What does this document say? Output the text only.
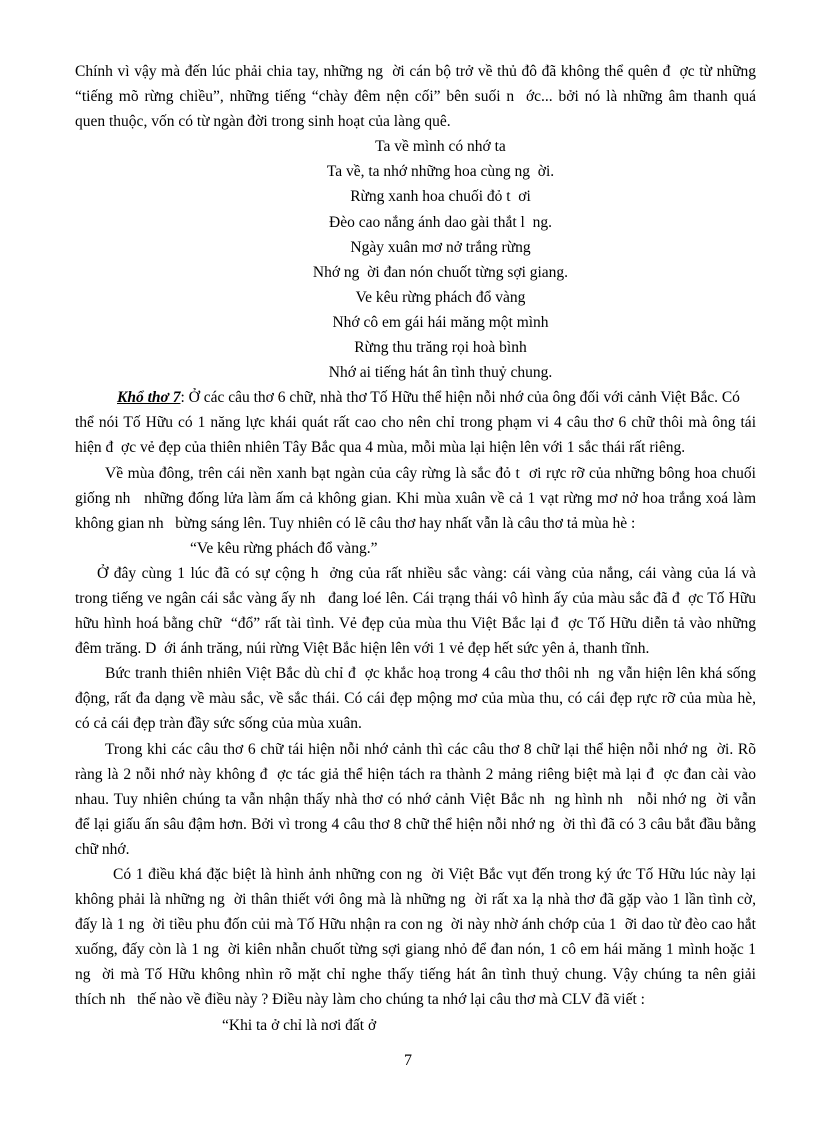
Chính vì vậy mà đến lúc phải chia tay, những ng  ời cán bộ trở về thủ đô đã không thể quên đ  ợc từ những
“tiếng mõ rừng chiều”, những tiếng “chày đêm nện cối” bên suối n  ớc... bởi nó là những âm thanh quá
quen thuộc, vốn có từ ngàn đời trong sinh hoạt của làng quê.
Ta về mình có nhớ ta
Ta về, ta nhớ những hoa cùng ng  ời.
Rừng xanh hoa chuối đỏ t  ơi
Đèo cao nắng ánh dao gài thắt l  ng.
Ngày xuân mơ nở trắng rừng
Nhớ ng  ời đan nón chuốt từng sợi giang.
Ve kêu rừng phách đổ vàng
Nhớ cô em gái hái măng một mình
Rừng thu trăng rọi hoà bình
Nhớ ai tiếng hát ân tình thuỷ chung.
Khổ thơ 7: Ở các câu thơ 6 chữ, nhà thơ Tố Hữu thể hiện nỗi nhớ của ông đối với cảnh Việt Bắc. Có
thể nói Tố Hữu có 1 năng lực khái quát rất cao cho nên chỉ trong phạm vi 4 câu thơ 6 chữ thôi mà ông tái
hiện đ  ợc vẻ đẹp của thiên nhiên Tây Bắc qua 4 mùa, mỗi mùa lại hiện lên với 1 sắc thái rất riêng.
Về mùa đông, trên cái nền xanh bạt ngàn của cây rừng là sắc đỏ t  ơi rực rỡ của những bông hoa chuối
giống nh   những đống lửa làm ấm cả không gian. Khi mùa xuân về cả 1 vạt rừng mơ nở hoa trắng xoá làm
không gian nh   bừng sáng lên. Tuy nhiên có lẽ câu thơ hay nhất vẫn là câu thơ tả mùa hè :
“Ve kêu rừng phách đổ vàng.”
Ở đây cùng 1 lúc đã có sự cộng h  ởng của rất nhiều sắc vàng: cái vàng của nắng, cái vàng của lá và
trong tiếng ve ngân cái sắc vàng ấy nh   đang loé lên. Cái trạng thái vô hình ấy của màu sắc đã đ  ợc Tố Hữu
hữu hình hoá bằng chữ  “đổ” rất tài tình. Vẻ đẹp của mùa thu Việt Bắc lại đ  ợc Tố Hữu diễn tả vào những
đêm trăng. D  ới ánh trăng, núi rừng Việt Bắc hiện lên với 1 vẻ đẹp hết sức yên ả, thanh tĩnh.
Bức tranh thiên nhiên Việt Bắc dù chỉ đ  ợc khắc hoạ trong 4 câu thơ thôi nh  ng vẫn hiện lên khá sống
động, rất đa dạng về màu sắc, về sắc thái. Có cái đẹp mộng mơ của mùa thu, có cái đẹp rực rỡ của mùa hè,
có cả cái đẹp tràn đầy sức sống của mùa xuân.
Trong khi các câu thơ 6 chữ tái hiện nỗi nhớ cảnh thì các câu thơ 8 chữ lại thể hiện nỗi nhớ ng  ời. Rõ
ràng là 2 nỗi nhớ này không đ  ợc tác giả thể hiện tách ra thành 2 mảng riêng biệt mà lại đ  ợc đan cài vào
nhau. Tuy nhiên chúng ta vẫn nhận thấy nhà thơ có nhớ cảnh Việt Bắc nh  ng hình nh   nỗi nhớ ng  ời vẫn
để lại giấu ấn sâu đậm hơn. Bởi vì trong 4 câu thơ 8 chữ thể hiện nỗi nhớ ng  ời thì đã có 3 câu bắt đầu bằng
chữ nhớ.
Có 1 điều khá đặc biệt là hình ảnh những con ng  ời Việt Bắc vụt đến trong ký ức Tố Hữu lúc này lại
không phải là những ng  ời thân thiết với ông mà là những ng  ời rất xa lạ nhà thơ đã gặp vào 1 lần tình cờ,
đấy là 1 ng  ời tiều phu đốn củi mà Tố Hữu nhận ra con ng  ời này nhờ ánh chớp của 1  ỡi dao từ đèo cao hắt
xuống, đấy còn là 1 ng  ời kiên nhẫn chuốt từng sợi giang nhỏ để đan nón, 1 cô em hái măng 1 mình hoặc 1
ng  ời mà Tố Hữu không nhìn rõ mặt chỉ nghe thấy tiếng hát ân tình thuỷ chung. Vậy chúng ta nên giải
thích nh   thế nào về điều này ? Điều này làm cho chúng ta nhớ lại câu thơ mà CLV đã viết :
“Khi ta ở chỉ là nơi đất ở
7
